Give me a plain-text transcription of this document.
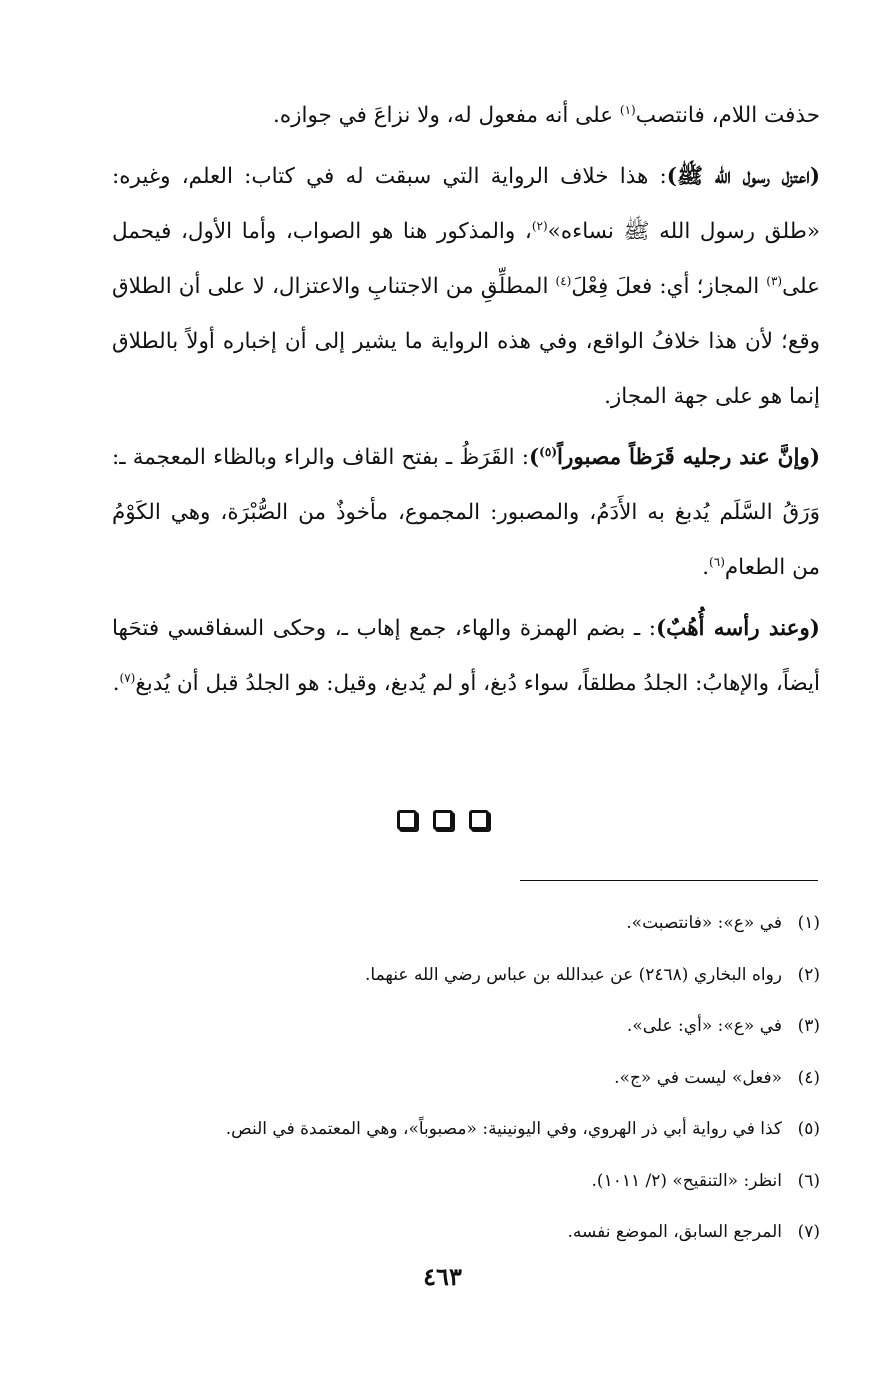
حذفت اللام، فانتصب$^{(١)}$ على أنه مفعول له، ولا نزاعَ في جوازه.

(اعتزل رسول الله ﷺ): هذا خلاف الرواية التي سبقت له في كتاب: العلم، وغيره: «طلق رسول الله ﷺ نساءه»$^{(٢)}$، والمذكور هنا هو الصواب، وأما الأول، فيحمل على$^{(٣)}$ المجاز؛ أي: فعلَ فِعْلَ$^{(٤)}$ المطلِّقِ من الاجتنابِ والاعتزال، لا على أن الطلاق وقع؛ لأن هذا خلافُ الواقع، وفي هذه الرواية ما يشير إلى أن إخباره أولاً بالطلاق إنما هو على جهة المجاز.

(وإنَّ عند رجليه قَرَظاً مصبوراً$^{(٥)}$): القَرَظُ ـ بفتح القاف والراء وبالظاء المعجمة ـ: وَرَقُ السَّلَم يُدبغ به الأَدَمُ، والمصبور: المجموع، مأخوذٌ من الصُّبْرَة، وهي الكَوْمُ من الطعام$^{(٦)}$.

(وعند رأسه أُهُبٌ): ـ بضم الهمزة والهاء، جمع إهاب ـ، وحكى السفاقسي فتحَها أيضاً، والإهابُ: الجلدُ مطلقاً، سواء دُبغ، أو لم يُدبغ، وقيل: هو الجلدُ قبل أن يُدبغ$^{(٧)}$.

(١)في «ع»: «فانتصبت».
(٢)رواه البخاري (٢٤٦٨) عن عبدالله بن عباس رضي الله عنهما.
(٣)في «ع»: «أي: على».
(٤)«فعل» ليست في «ج».
(٥)كذا في رواية أبي ذر الهروي، وفي اليونينية: «مصبوباً»، وهي المعتمدة في النص.
(٦)انظر: «التنقيح» (٢/ ١٠١١).
(٧)المرجع السابق، الموضع نفسه.
٤٦٣
